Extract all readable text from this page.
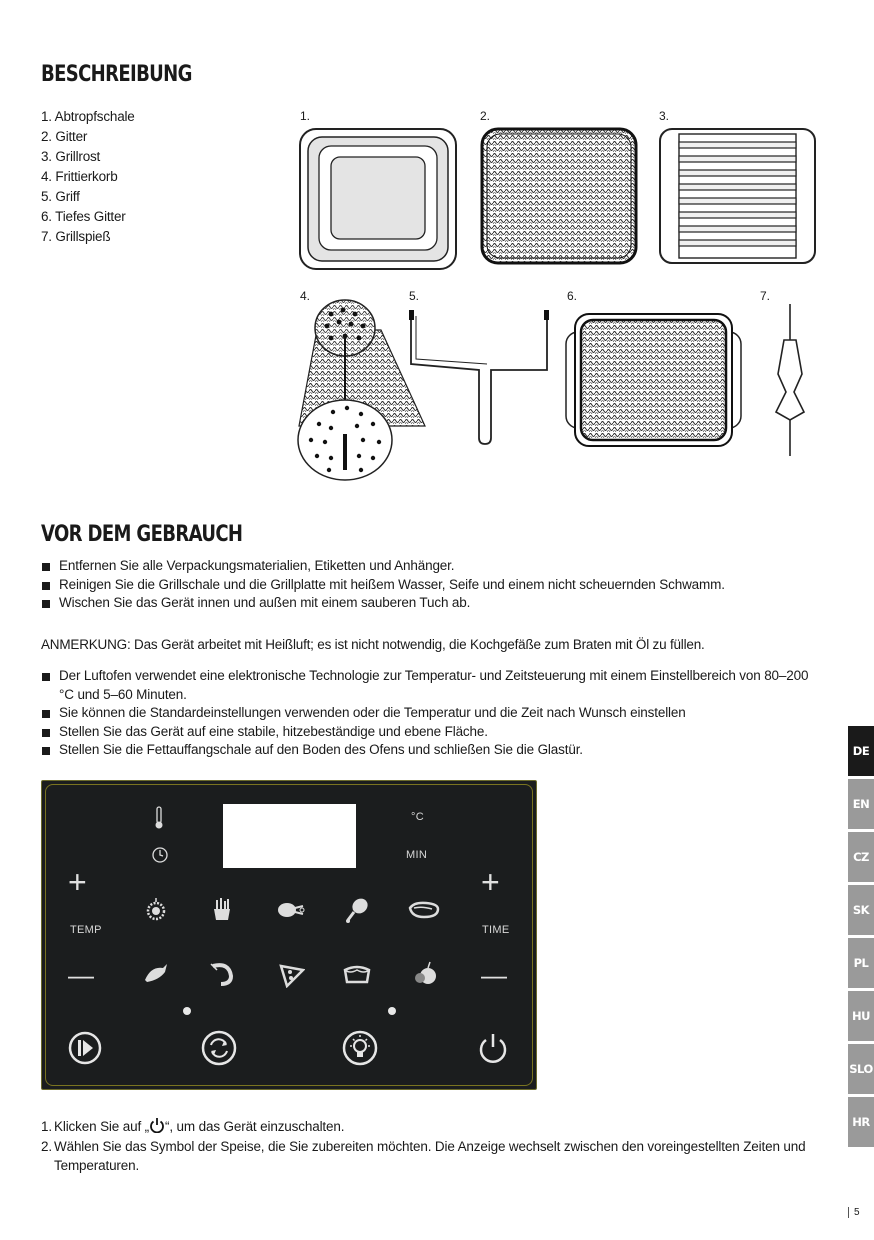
BESCHREIBUNG
1. Abtropfschale
2. Gitter
3. Grillrost
4. Frittierkorb
5. Griff
6. Tiefes Gitter
7. Grillspieß
1.	2.	3.
4.	5.	6.	7.
VOR DEM GEBRAUCH
Entfernen Sie alle Verpackungsmaterialien, Etiketten und Anhänger.
Reinigen Sie die Grillschale und die Grillplatte mit heißem Wasser, Seife und einem nicht scheuernden Schwamm.
Wischen Sie das Gerät innen und außen mit einem sauberen Tuch ab.

ANMERKUNG: Das Gerät arbeitet mit Heißluft; es ist nicht notwendig, die Kochgefäße zum Braten mit Öl zu füllen.

Der Luftofen verwendet eine elektronische Technologie zur Temperatur- und Zeitsteuerung mit einem Einstellbereich von 80–200 °C und 5–60 Minuten.
Sie können die Standardeinstellungen verwenden oder die Temperatur und die Zeit nach Wunsch einstellen
Stellen Sie das Gerät auf eine stabile, hitzebeständige und ebene Fläche.
Stellen Sie die Fettauffangschale auf den Boden des Ofens und schließen Sie die Glastür.
°C
MIN
+
TEMP
—
+
TIME
—
1. Klicken Sie auf „ “, um das Gerät einzuschalten.
2. Wählen Sie das Symbol der Speise, die Sie zubereiten möchten. Die Anzeige wechselt zwischen den voreingestellten Zeiten und Temperaturen.
DE
EN
CZ
SK
PL
HU
SLO
HR
5
